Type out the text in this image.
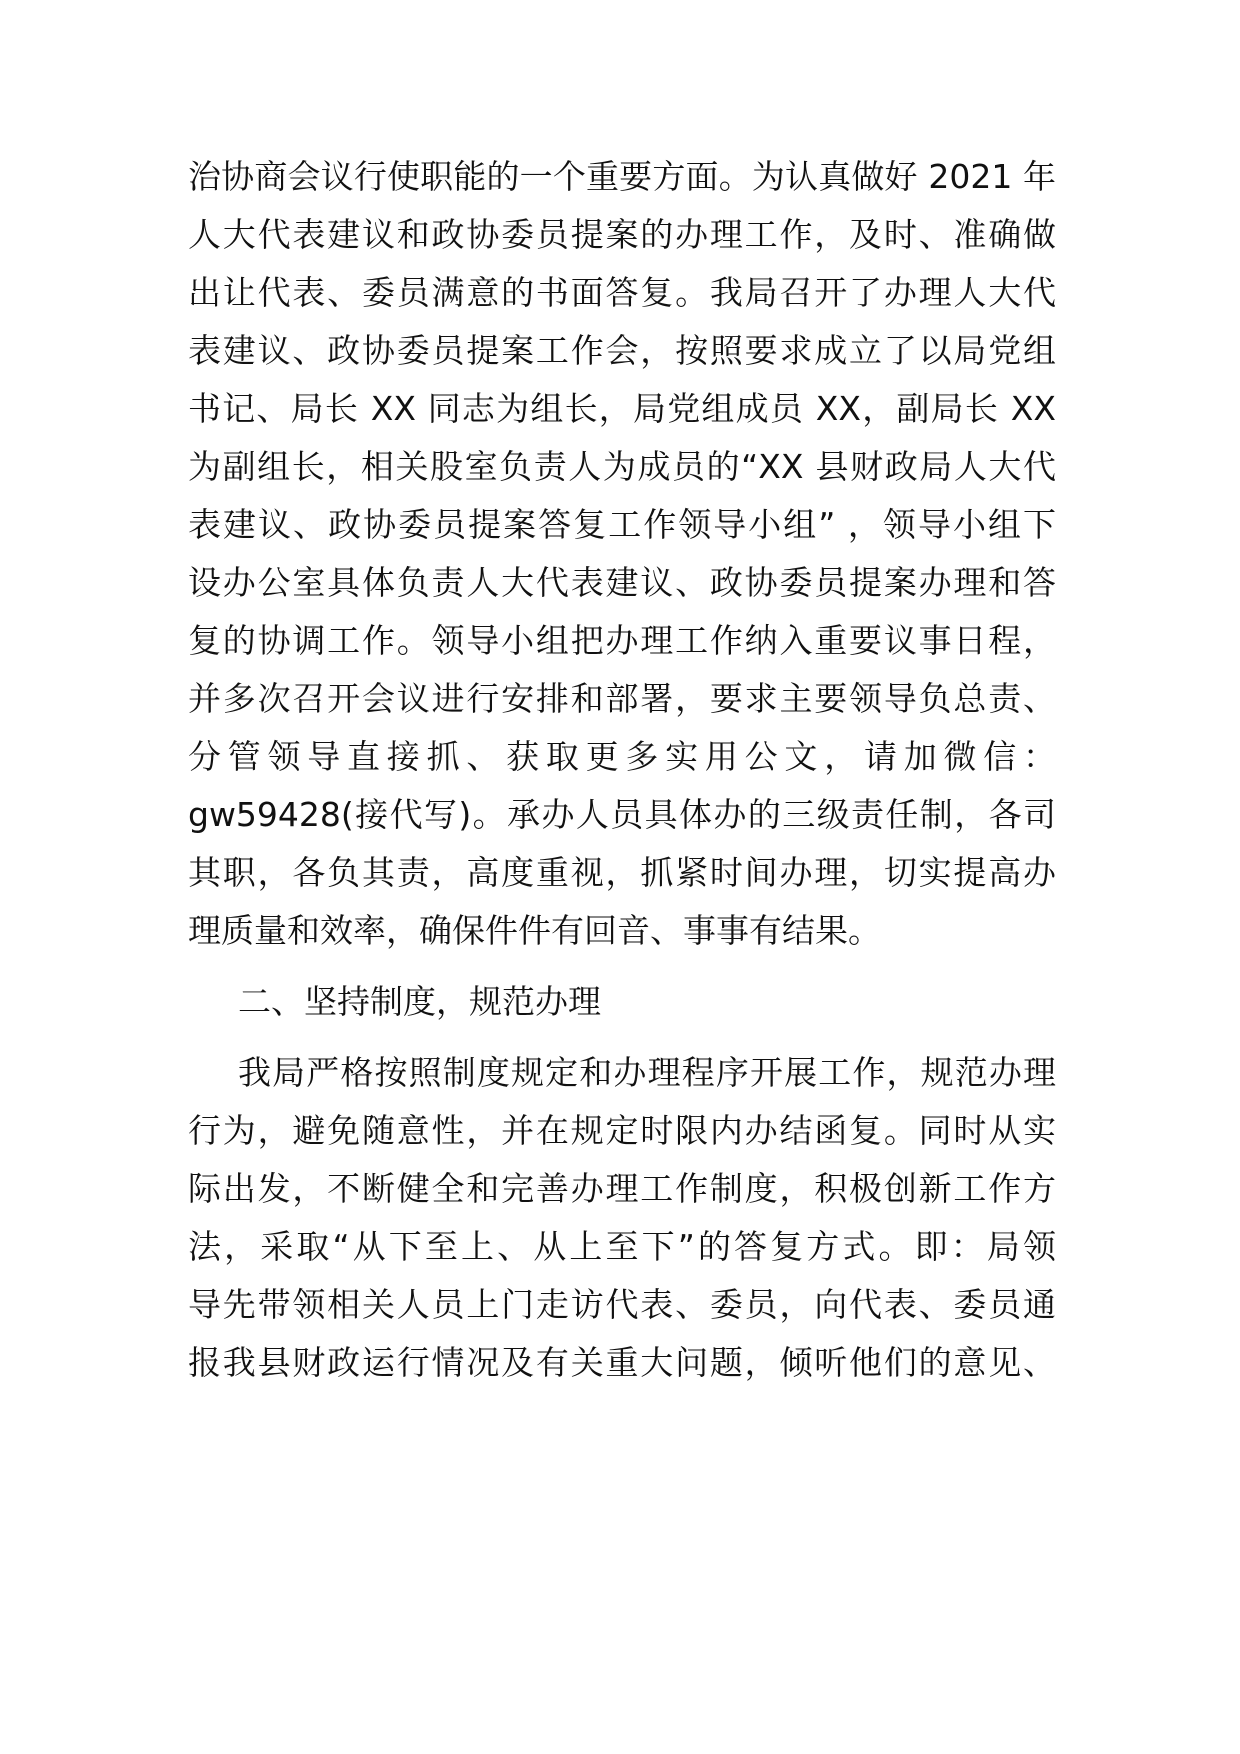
治协商会议行使职能的一个重要方面。为认真做好 2021 年
人大代表建议和政协委员提案的办理工作，及时、准确做
出让代表、委员满意的书面答复。我局召开了办理人大代
表建议、政协委员提案工作会，按照要求成立了以局党组
书记、局长 XX 同志为组长，局党组成员 XX，副局长 XX
为副组长，相关股室负责人为成员的“XX 县财政局人大代
表建议、政协委员提案答复工作领导小组” ，领导小组下
设办公室具体负责人大代表建议、政协委员提案办理和答
复的协调工作。领导小组把办理工作纳入重要议事日程，
并多次召开会议进行安排和部署，要求主要领导负总责、
分管领导直接抓、获取更多实用公文，请加微信：
gw59428(接代写)。承办人员具体办的三级责任制，各司
其职，各负其责，高度重视，抓紧时间办理，切实提高办
理质量和效率，确保件件有回音、事事有结果。
二、坚持制度，规范办理
我局严格按照制度规定和办理程序开展工作，规范办理
行为，避免随意性，并在规定时限内办结函复。同时从实
际出发，不断健全和完善办理工作制度，积极创新工作方
法，采取“从下至上、从上至下”的答复方式。即：局领
导先带领相关人员上门走访代表、委员，向代表、委员通
报我县财政运行情况及有关重大问题，倾听他们的意见、
